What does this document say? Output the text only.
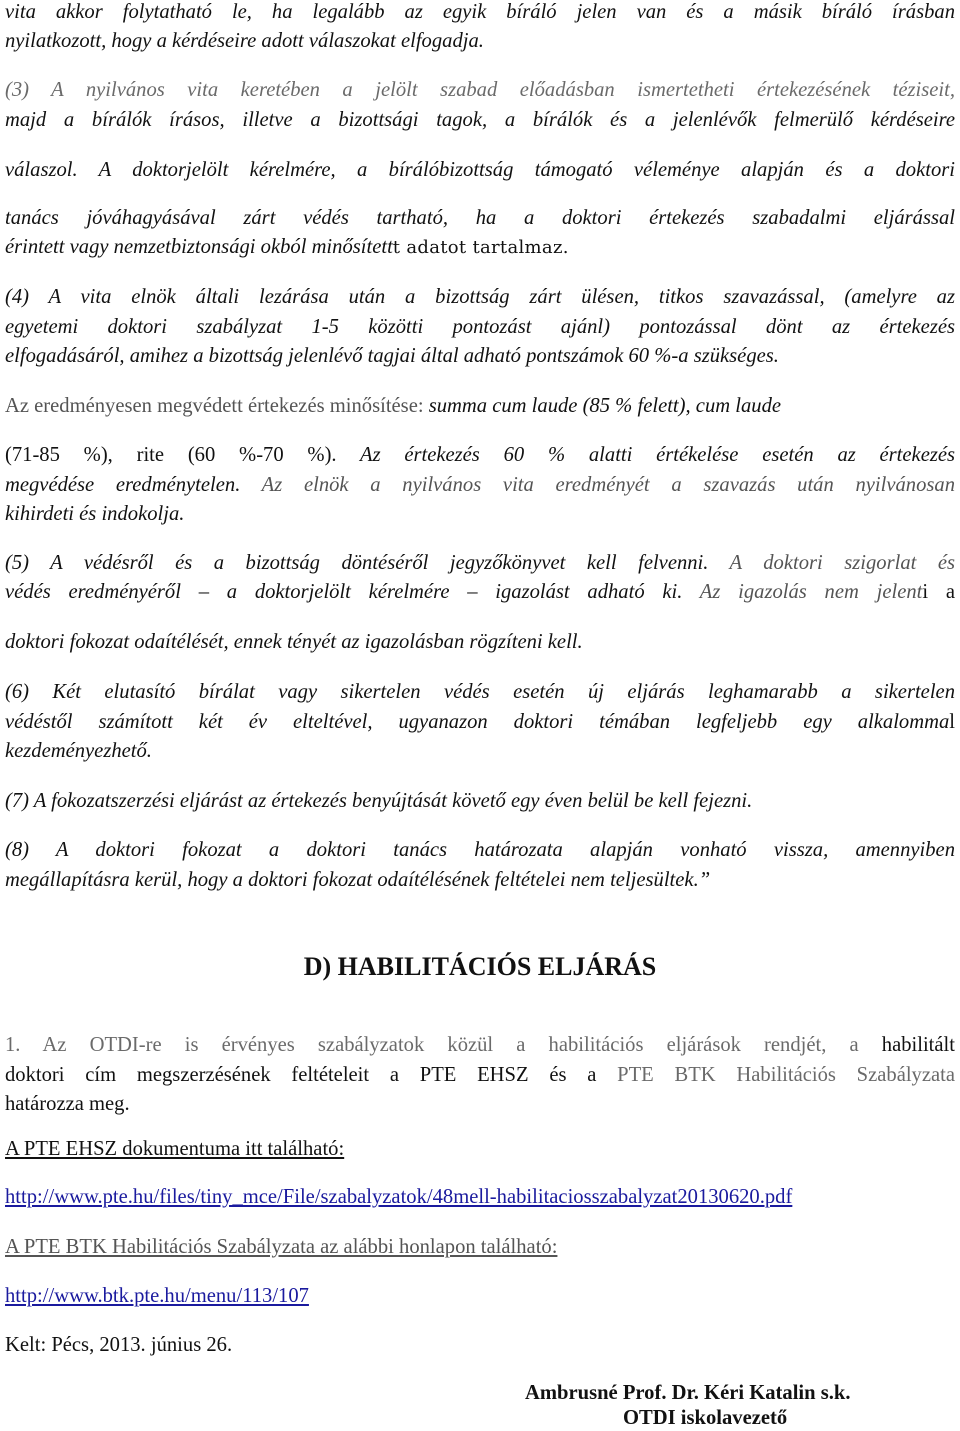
vita akkor folytatható le, ha legalább az egyik bíráló jelen van és a másik bíráló írásban

nyilatkozott, hogy a kérdéseire adott válaszokat elfogadja.

(3) A nyilvános vita keretében a jelölt szabad előadásban ismertetheti értekezésének téziseit,

majd a bírálók írásos, illetve a bizottsági tagok, a bírálók és a jelenlévők felmerülő kérdéseire

válaszol. A doktorjelölt kérelmére, a bírálóbizottság támogató véleménye alapján és a doktori

tanács jóváhagyásával zárt védés tartható, ha a doktori értekezés szabadalmi eljárással

érintett vagy nemzetbiztonsági okból minősítettt adatot tartalmaz.

(4) A vita elnök általi lezárása után a bizottság zárt ülésen, titkos szavazással, (amelyre az

egyetemi doktori szabályzat 1-5 közötti pontozást ajánl) pontozással dönt az értekezés

elfogadásáról, amihez a bizottság jelenlévő tagjai által adható pontszámok 60 %-a szükséges.

Az eredményesen megvédett értekezés minősítése: summa cum laude (85 % felett), cum laude

(71-85 %), rite (60 %-70 %). Az értekezés 60 % alatti értékelése esetén az értekezés

megvédése eredménytelen. Az elnök a nyilvános vita eredményét a szavazás után nyilvánosan

kihirdeti és indokolja.

(5) A védésről és a bizottság döntéséről jegyzőkönyvet kell felvenni. A doktori szigorlat és

védés eredményéről – a doktorjelölt kérelmére – igazolást adható ki. Az igazolás nem jelenti a

doktori fokozat odaítélését, ennek tényét az igazolásban rögzíteni kell.

(6) Két elutasító bírálat vagy sikertelen védés esetén új eljárás leghamarabb a sikertelen

védéstől számított két év elteltével, ugyanazon doktori témában legfeljebb egy alkalommal

kezdeményezhető.

(7) A fokozatszerzési eljárást az értekezés benyújtását követő egy éven belül be kell fejezni.

(8) A doktori fokozat a doktori tanács határozata alapján vonható vissza, amennyiben

megállapításra kerül, hogy a doktori fokozat odaítélésének feltételei nem teljesültek.”

D) HABILITÁCIÓS ELJÁRÁS

1. Az OTDI-re is érvényes szabályzatok közül a habilitációs eljárások rendjét, a habilitált

doktori cím megszerzésének feltételeit a PTE EHSZ és a PTE BTK Habilitációs Szabályzata

határozza meg.

A PTE EHSZ dokumentuma itt található:

http://www.pte.hu/files/tiny_mce/File/szabalyzatok/48mell-habilitaciosszabalyzat20130620.pdf

A PTE BTK Habilitációs Szabályzata az alábbi honlapon található:

http://www.btk.pte.hu/menu/113/107

Kelt: Pécs, 2013. június 26.

Ambrusné Prof. Dr. Kéri Katalin s.k.

OTDI iskolavezető
